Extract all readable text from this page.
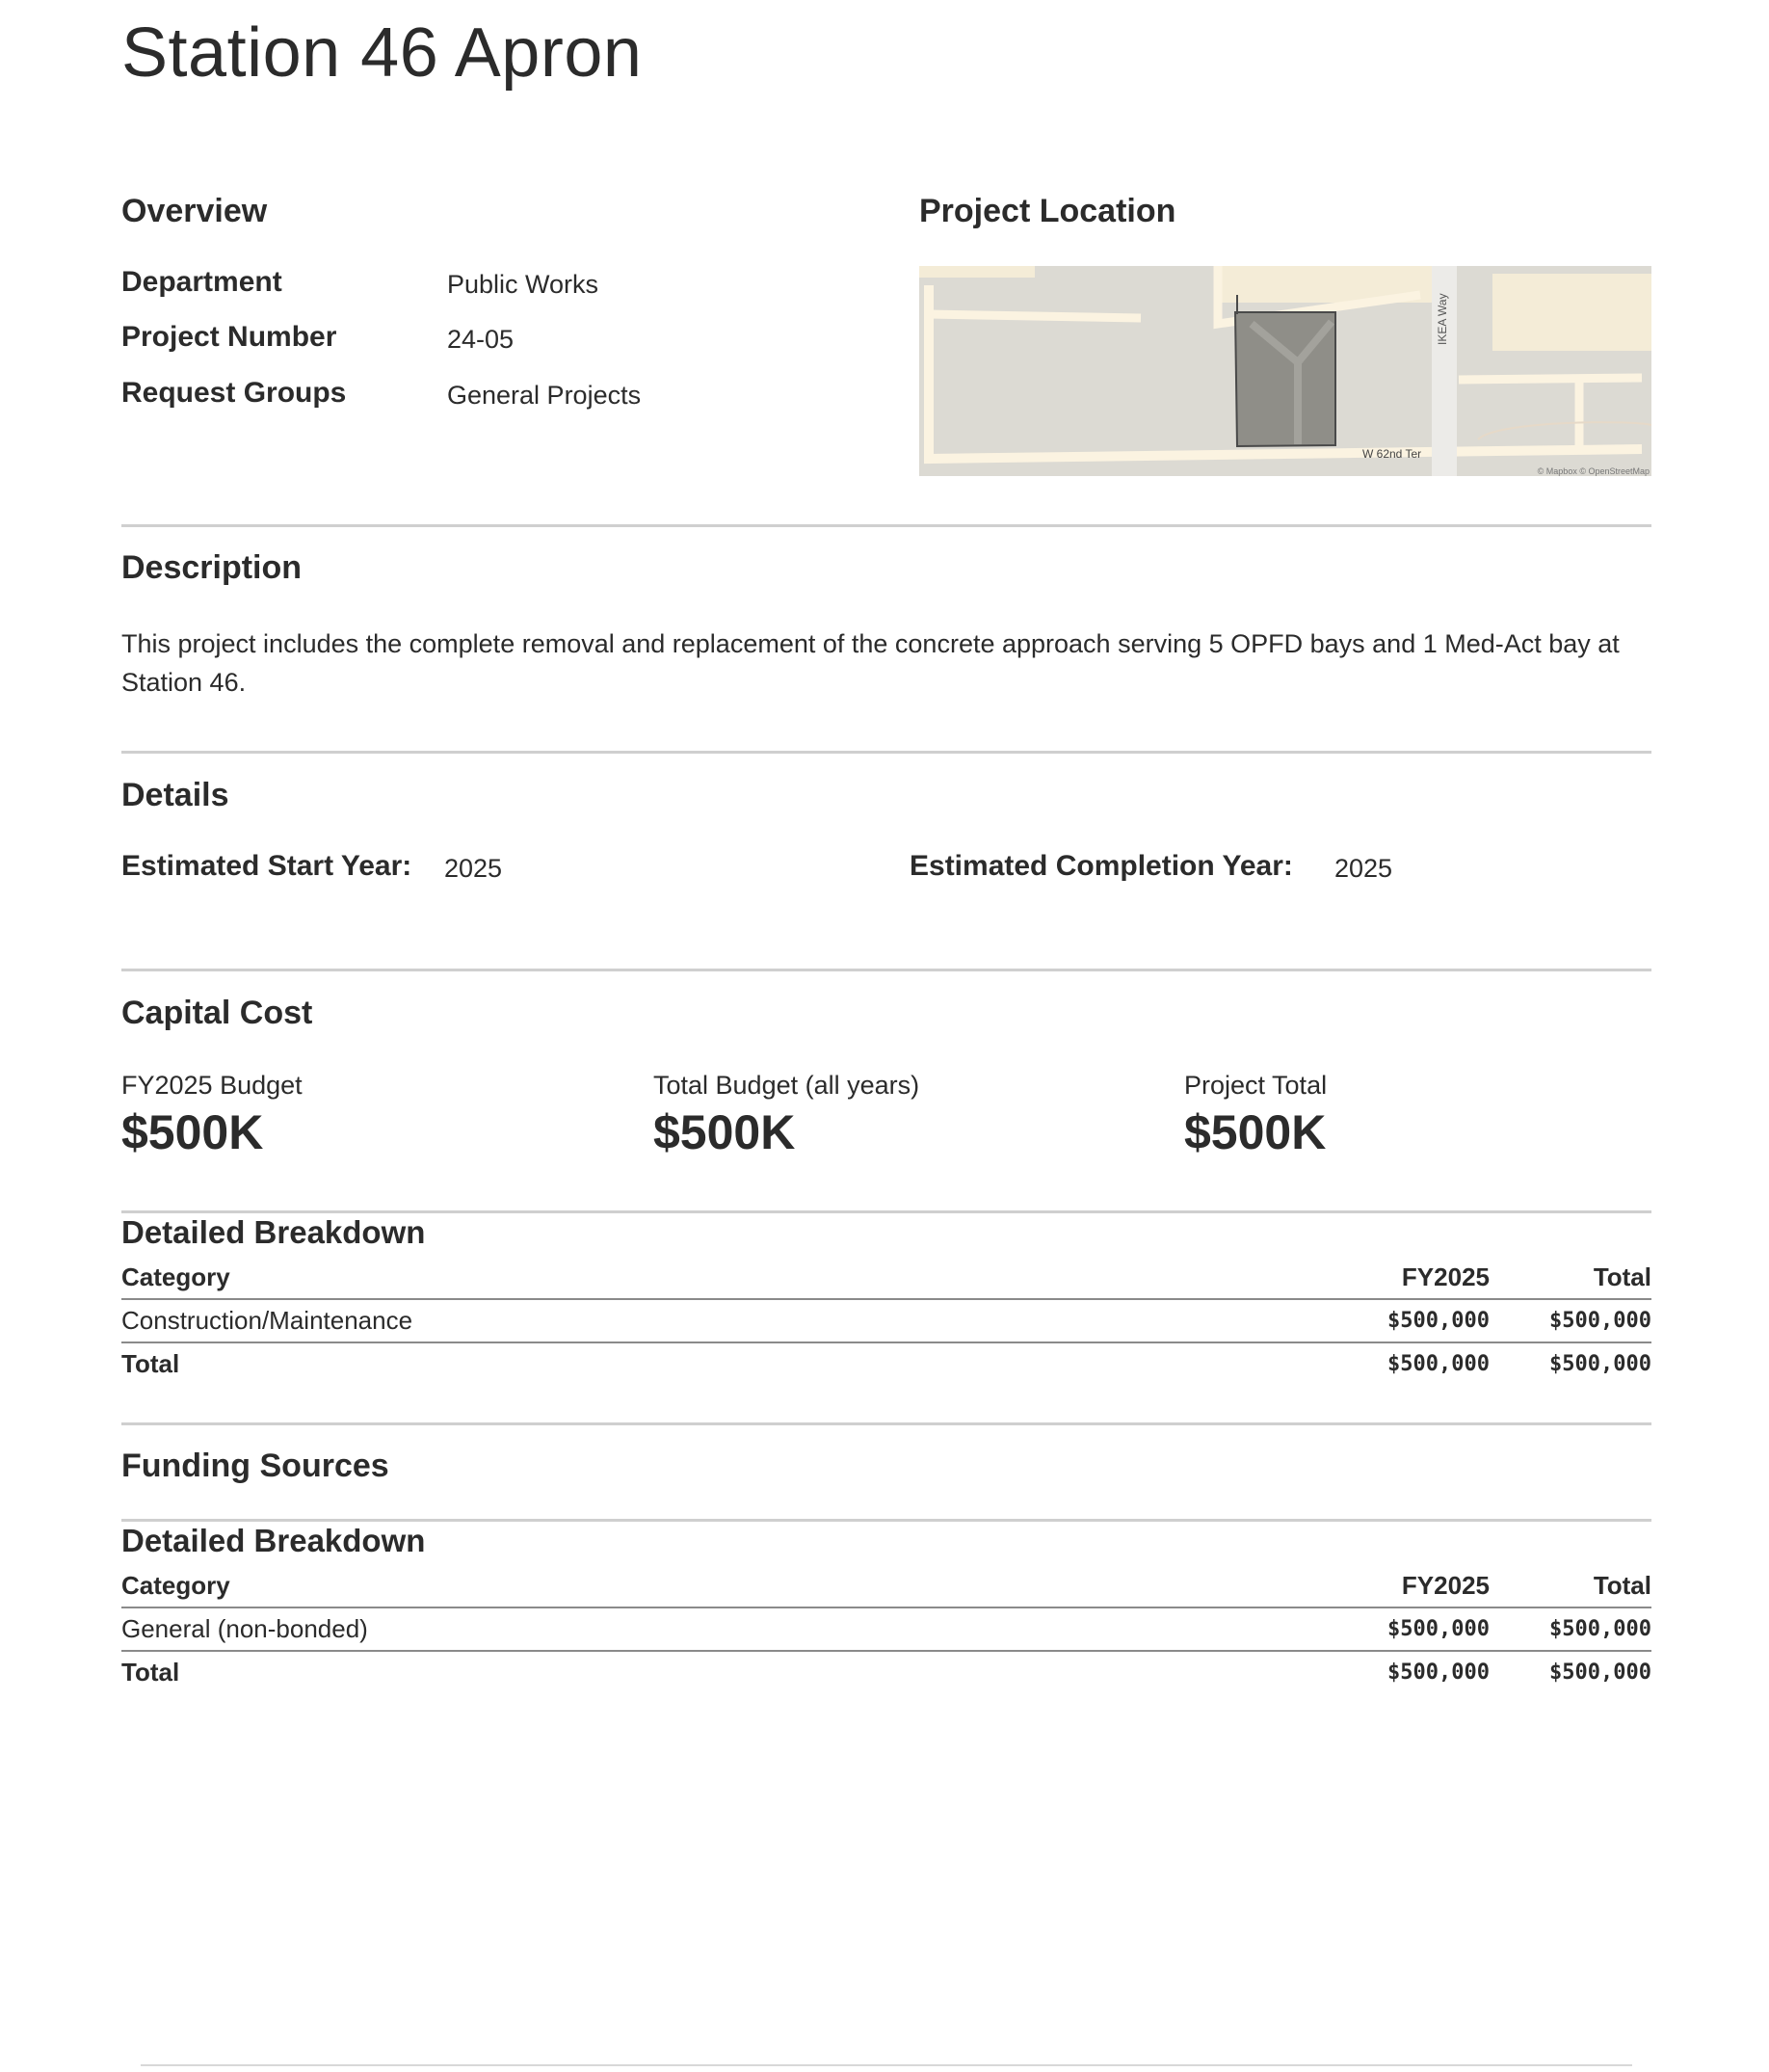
Station 46 Apron
Overview
Department	Public Works
Project Number	24-05
Request Groups	General Projects
Project Location
IKEA Way
W 62nd Ter
© Mapbox © OpenStreetMap
Description
This project includes the complete removal and replacement of the concrete approach serving 5 OPFD bays and 1 Med-Act bay at Station 46.
Details
Estimated Start Year: 2025	Estimated Completion Year: 2025
Capital Cost
FY2025 Budget
$500K
Total Budget (all years)
$500K
Project Total
$500K
Detailed Breakdown
Category	FY2025	Total
Construction/Maintenance	$500,000	$500,000
Total	$500,000	$500,000
Funding Sources
Detailed Breakdown
Category	FY2025	Total
General (non-bonded)	$500,000	$500,000
Total	$500,000	$500,000
